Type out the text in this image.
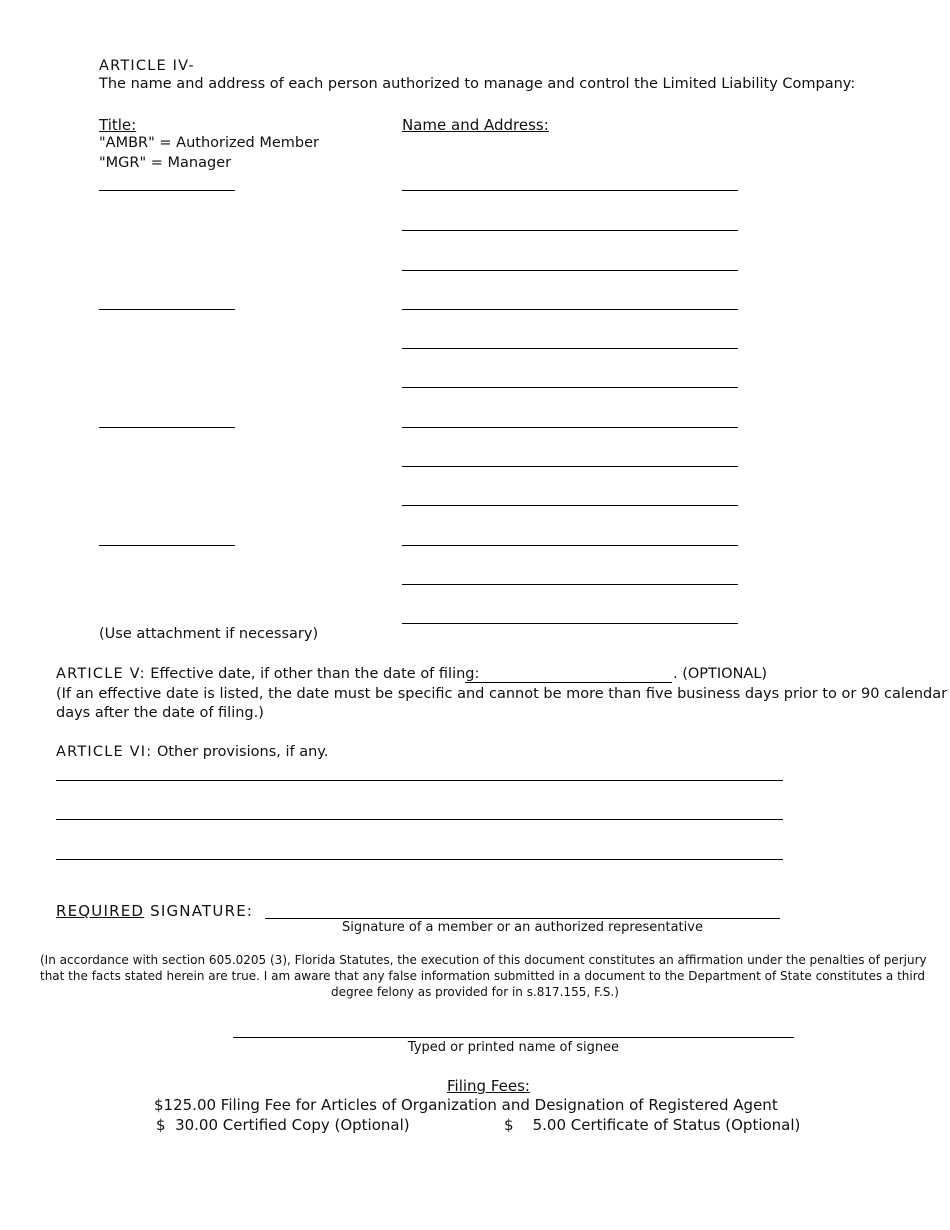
ARTICLE IV-
The name and address of each person authorized to manage and control the Limited Liability Company:
Title:
"AMBR" = Authorized Member
"MGR" = Manager
Name and Address:
(Use attachment if necessary)
ARTICLE V: Effective date, if other than the date of filing:	. (OPTIONAL)
(If an effective date is listed, the date must be specific and cannot be more than five business days prior to or 90 calendar
days after the date of filing.)
ARTICLE VI: Other provisions, if any.
REQUIRED SIGNATURE:
Signature of a member or an authorized representative
(In accordance with section 605.0205 (3), Florida Statutes, the execution of this document constitutes an affirmation under the penalties of perjury
that the facts stated herein are true. I am aware that any false information submitted in a document to the Department of State constitutes a third
degree felony as provided for in s.817.155, F.S.)
Typed or printed name of signee
Filing Fees:
$125.00 Filing Fee for Articles of Organization and Designation of Registered Agent
$  30.00 Certified Copy (Optional)	$    5.00 Certificate of Status (Optional)
